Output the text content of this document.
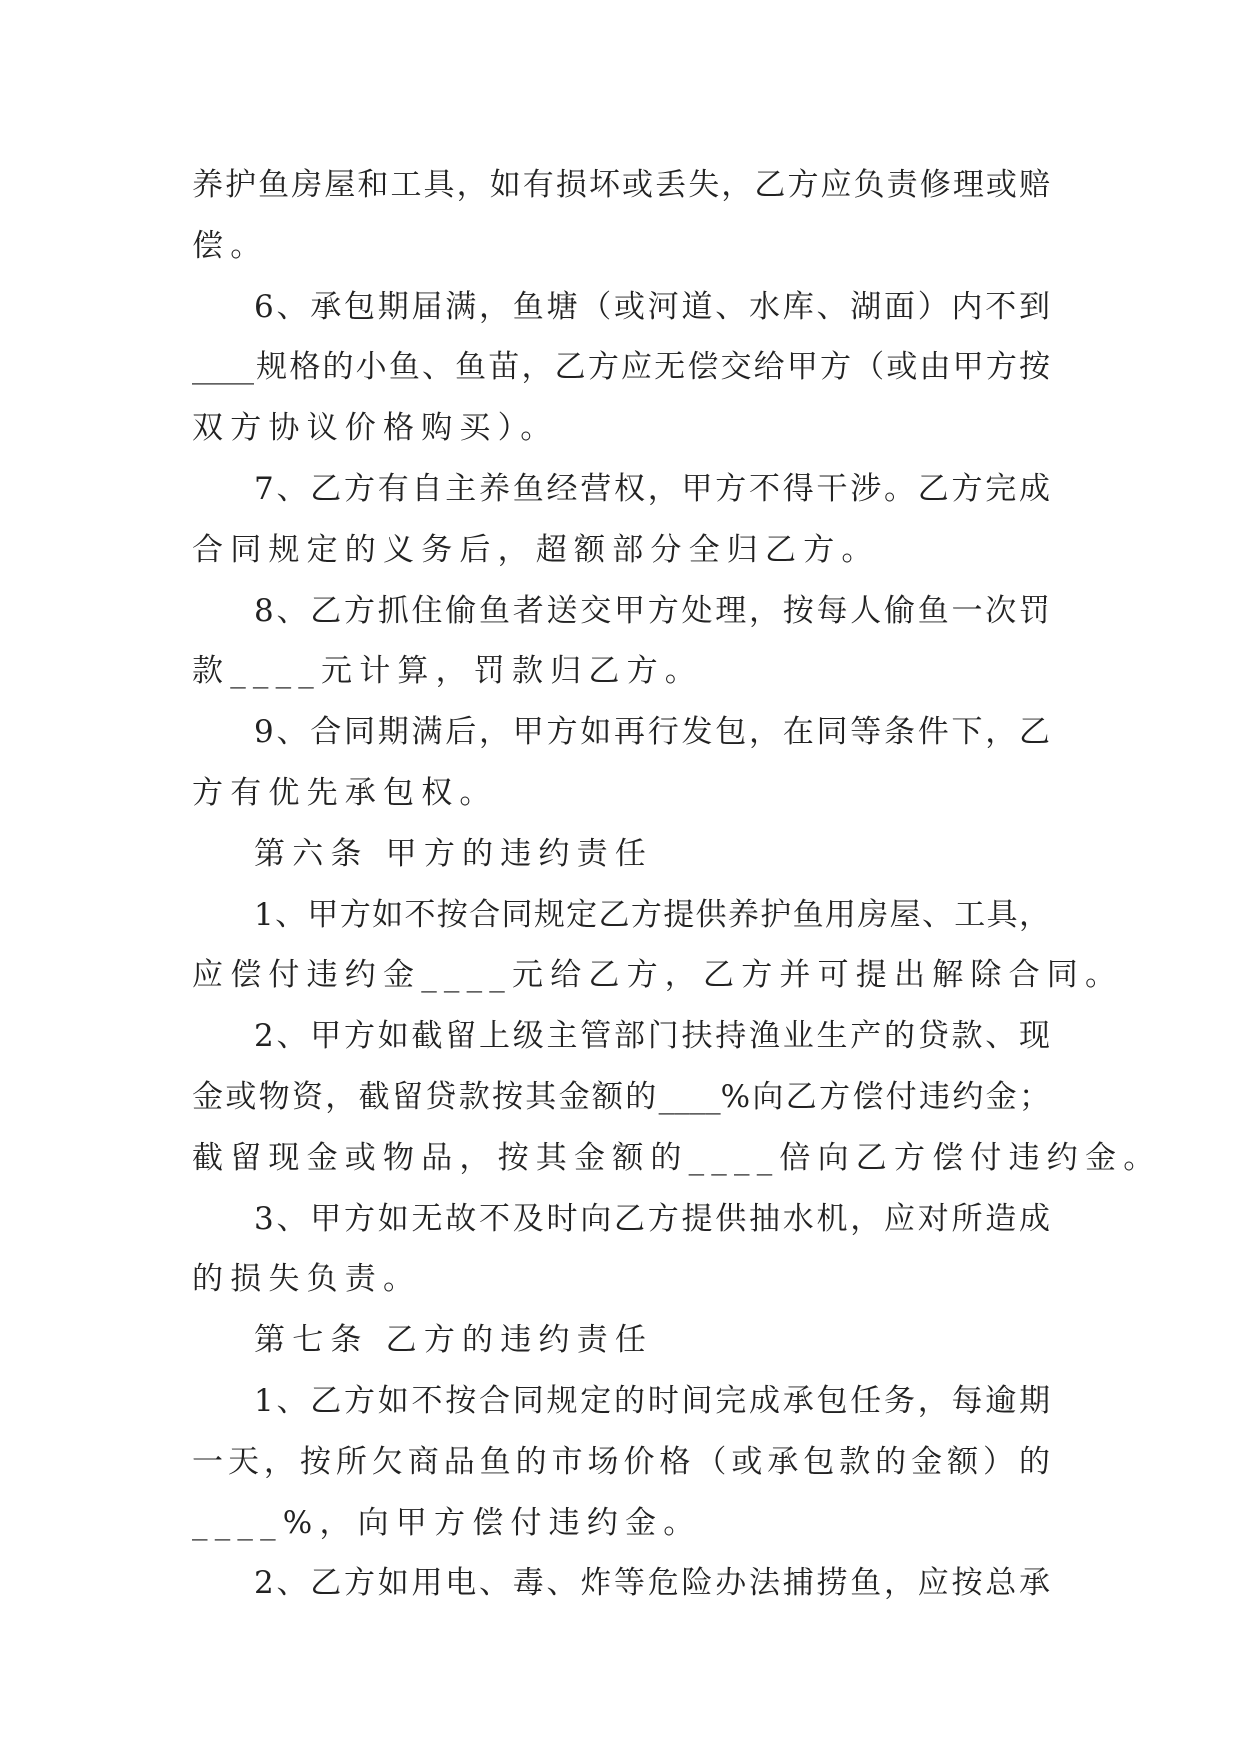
养护鱼房屋和工具，如有损坏或丢失，乙方应负责修理或赔
偿。
6、承包期届满，鱼塘（或河道、水库、湖面）内不到
____规格的小鱼、鱼苗，乙方应无偿交给甲方（或由甲方按
双方协议价格购买）。
7、乙方有自主养鱼经营权，甲方不得干涉。乙方完成
合同规定的义务后，超额部分全归乙方。
8、乙方抓住偷鱼者送交甲方处理，按每人偷鱼一次罚
款____元计算，罚款归乙方。
9、合同期满后，甲方如再行发包，在同等条件下，乙
方有优先承包权。
第六条 甲方的违约责任
1、甲方如不按合同规定乙方提供养护鱼用房屋、工具，
应偿付违约金____元给乙方，乙方并可提出解除合同。
2、甲方如截留上级主管部门扶持渔业生产的贷款、现
金或物资，截留贷款按其金额的____%向乙方偿付违约金；
截留现金或物品，按其金额的____倍向乙方偿付违约金。
3、甲方如无故不及时向乙方提供抽水机，应对所造成
的损失负责。
第七条 乙方的违约责任
1、乙方如不按合同规定的时间完成承包任务，每逾期
一天，按所欠商品鱼的市场价格（或承包款的金额）的
____%，向甲方偿付违约金。
2、乙方如用电、毒、炸等危险办法捕捞鱼，应按总承
